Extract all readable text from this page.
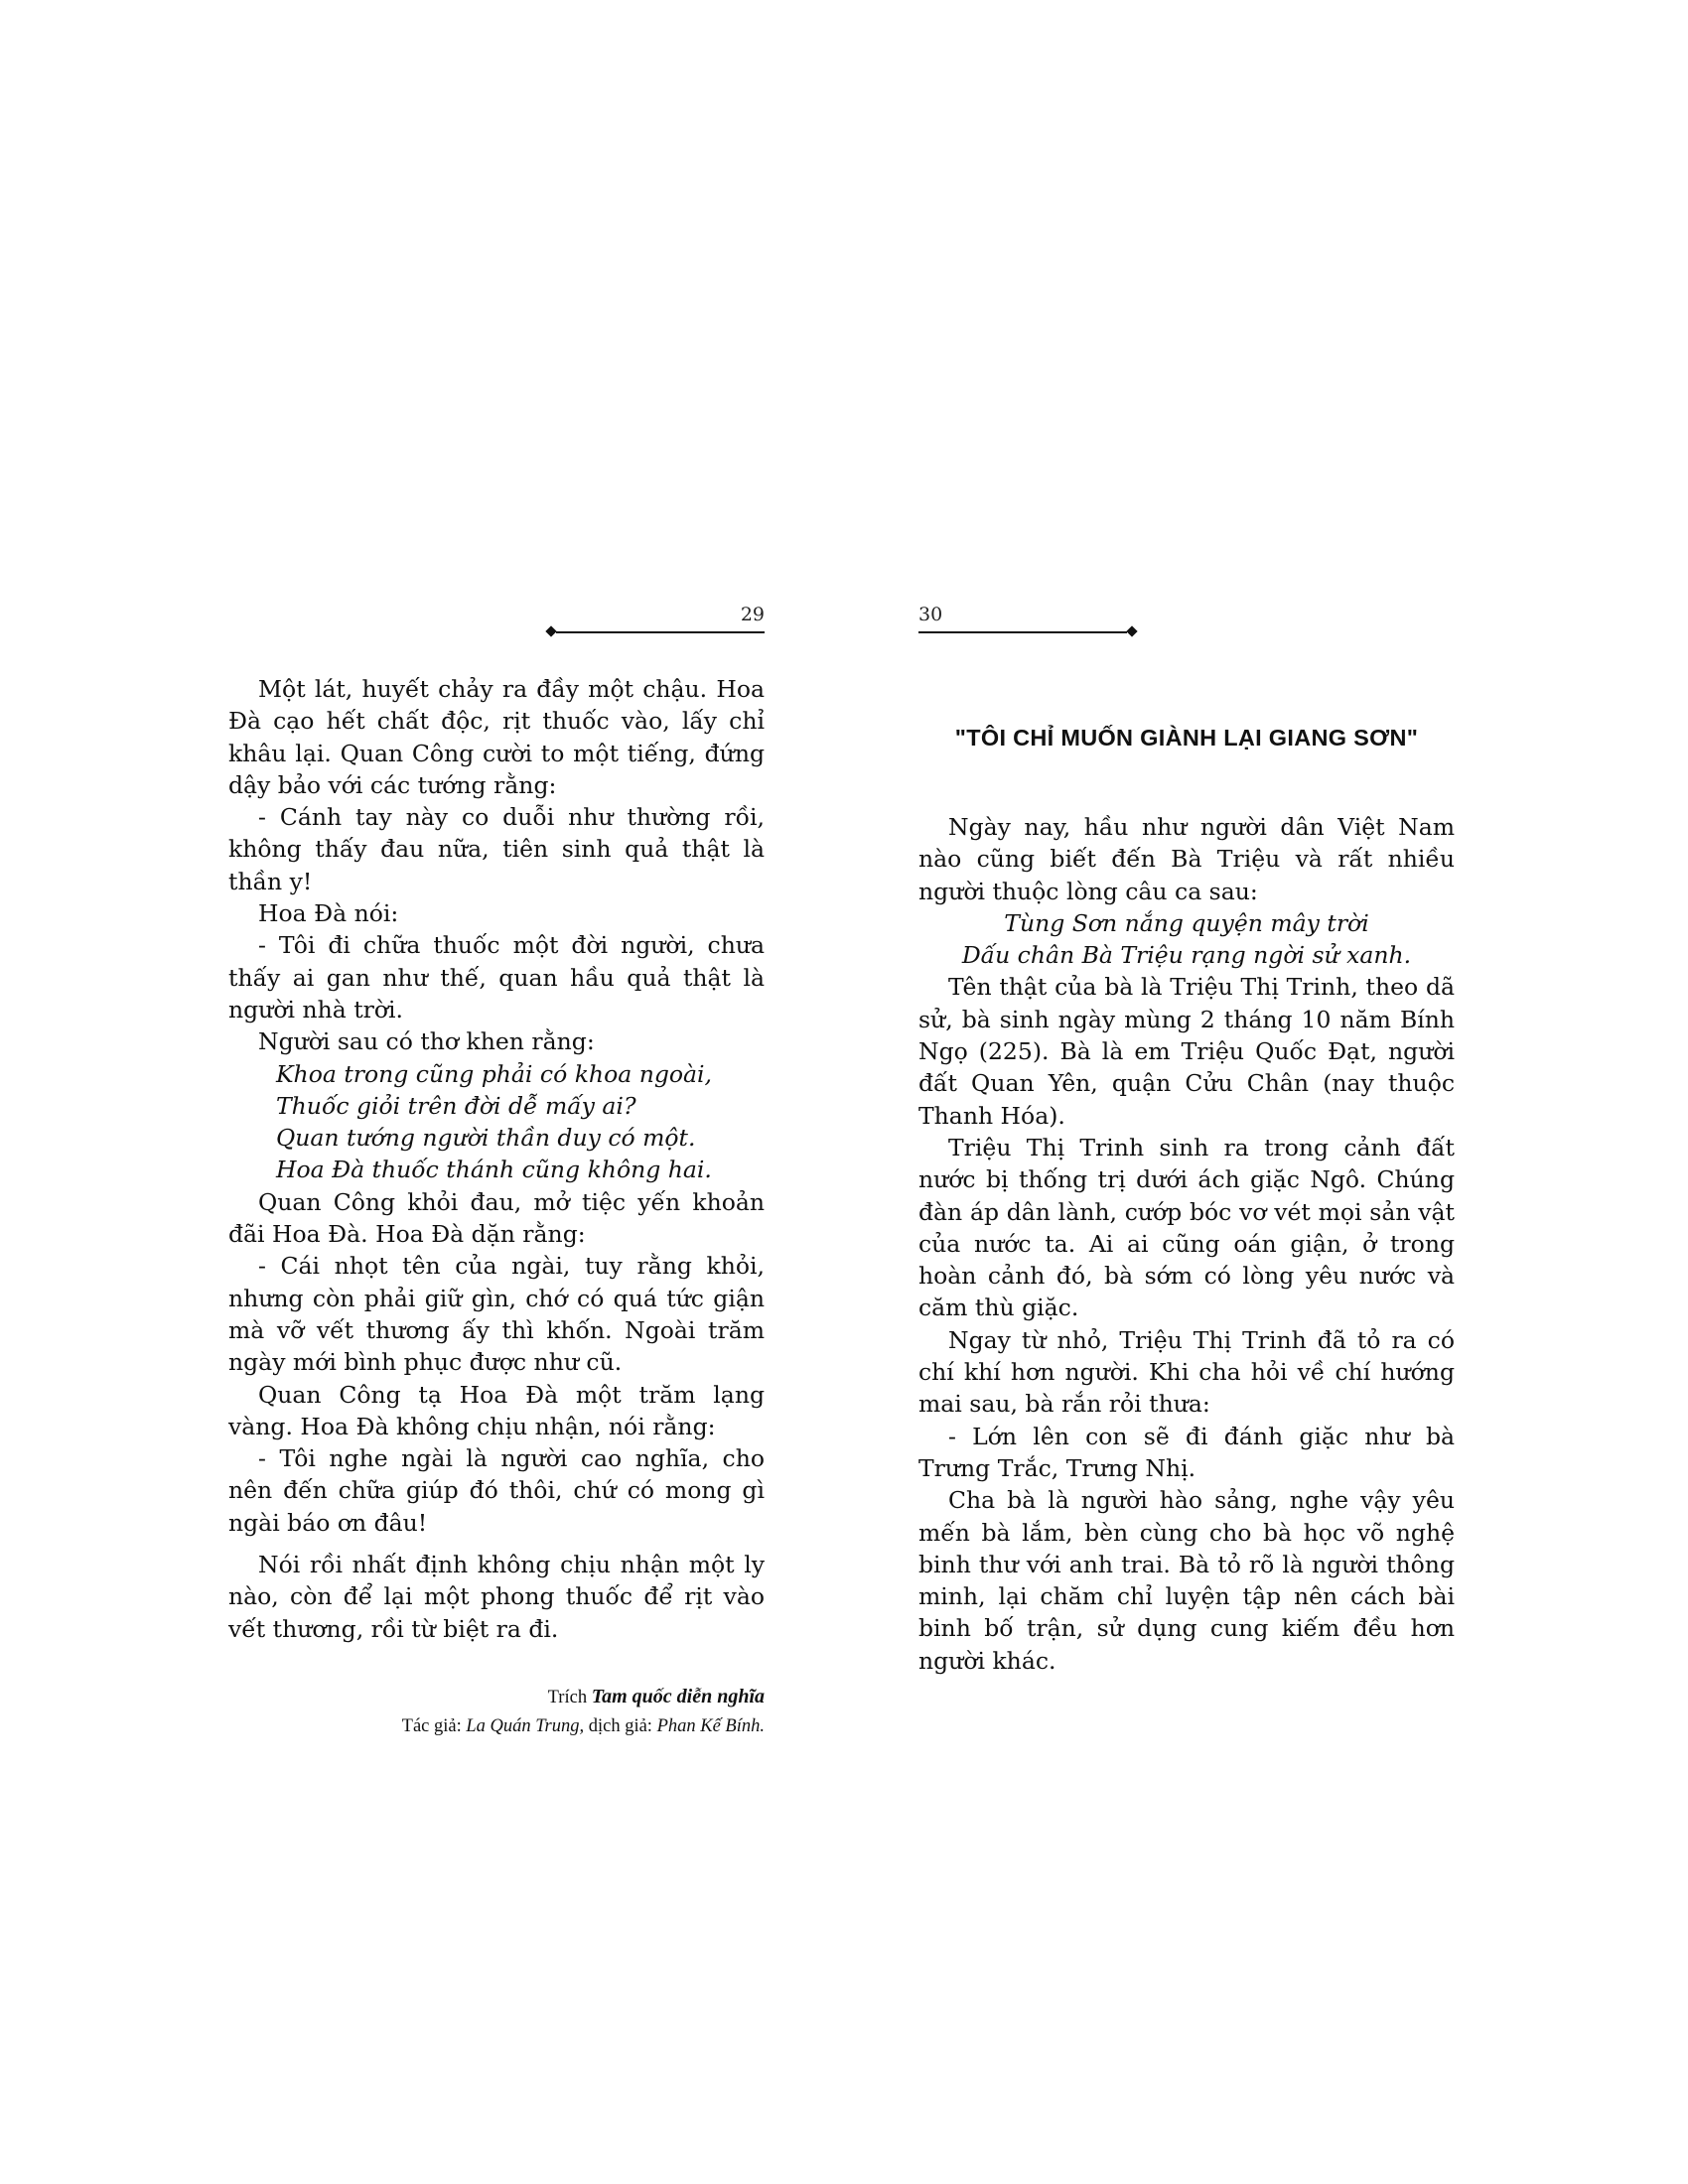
29

Một lát, huyết chảy ra đầy một chậu. Hoa Đà cạo hết chất độc, rịt thuốc vào, lấy chỉ khâu lại. Quan Công cười to một tiếng, đứng dậy bảo với các tướng rằng:

- Cánh tay này co duỗi như thường rồi, không thấy đau nữa, tiên sinh quả thật là thần y!

Hoa Đà nói:

- Tôi đi chữa thuốc một đời người, chưa thấy ai gan như thế, quan hầu quả thật là người nhà trời.

Người sau có thơ khen rằng:

Khoa trong cũng phải có khoa ngoài,

Thuốc giỏi trên đời dễ mấy ai?

Quan tướng người thần duy có một.

Hoa Đà thuốc thánh cũng không hai.

Quan Công khỏi đau, mở tiệc yến khoản đãi Hoa Đà. Hoa Đà dặn rằng:

- Cái nhọt tên của ngài, tuy rằng khỏi, nhưng còn phải giữ gìn, chớ có quá tức giận mà vỡ vết thương ấy thì khốn. Ngoài trăm ngày mới bình phục được như cũ.

Quan Công tạ Hoa Đà một trăm lạng vàng. Hoa Đà không chịu nhận, nói rằng:

- Tôi nghe ngài là người cao nghĩa, cho nên đến chữa giúp đó thôi, chứ có mong gì ngài báo ơn đâu!

Nói rồi nhất định không chịu nhận một ly nào, còn để lại một phong thuốc để rịt vào vết thương, rồi từ biệt ra đi.

Trích Tam quốc diễn nghĩa
Tác giả: La Quán Trung, dịch giả: Phan Kế Bính.
30
"TÔI CHỈ MUỐN GIÀNH LẠI GIANG SƠN"

Ngày nay, hầu như người dân Việt Nam nào cũng biết đến Bà Triệu và rất nhiều người thuộc lòng câu ca sau:

Tùng Sơn nắng quyện mây trời

Dấu chân Bà Triệu rạng ngời sử xanh.

Tên thật của bà là Triệu Thị Trinh, theo dã sử, bà sinh ngày mùng 2 tháng 10 năm Bính Ngọ (225). Bà là em Triệu Quốc Đạt, người đất Quan Yên, quận Cửu Chân (nay thuộc Thanh Hóa).

Triệu Thị Trinh sinh ra trong cảnh đất nước bị thống trị dưới ách giặc Ngô. Chúng đàn áp dân lành, cướp bóc vơ vét mọi sản vật của nước ta. Ai ai cũng oán giận, ở trong hoàn cảnh đó, bà sớm có lòng yêu nước và căm thù giặc.

Ngay từ nhỏ, Triệu Thị Trinh đã tỏ ra có chí khí hơn người. Khi cha hỏi về chí hướng mai sau, bà rắn rỏi thưa:

- Lớn lên con sẽ đi đánh giặc như bà Trưng Trắc, Trưng Nhị.

Cha bà là người hào sảng, nghe vậy yêu mến bà lắm, bèn cùng cho bà học võ nghệ binh thư với anh trai. Bà tỏ rõ là người thông minh, lại chăm chỉ luyện tập nên cách bài binh bố trận, sử dụng cung kiếm đều hơn người khác.
